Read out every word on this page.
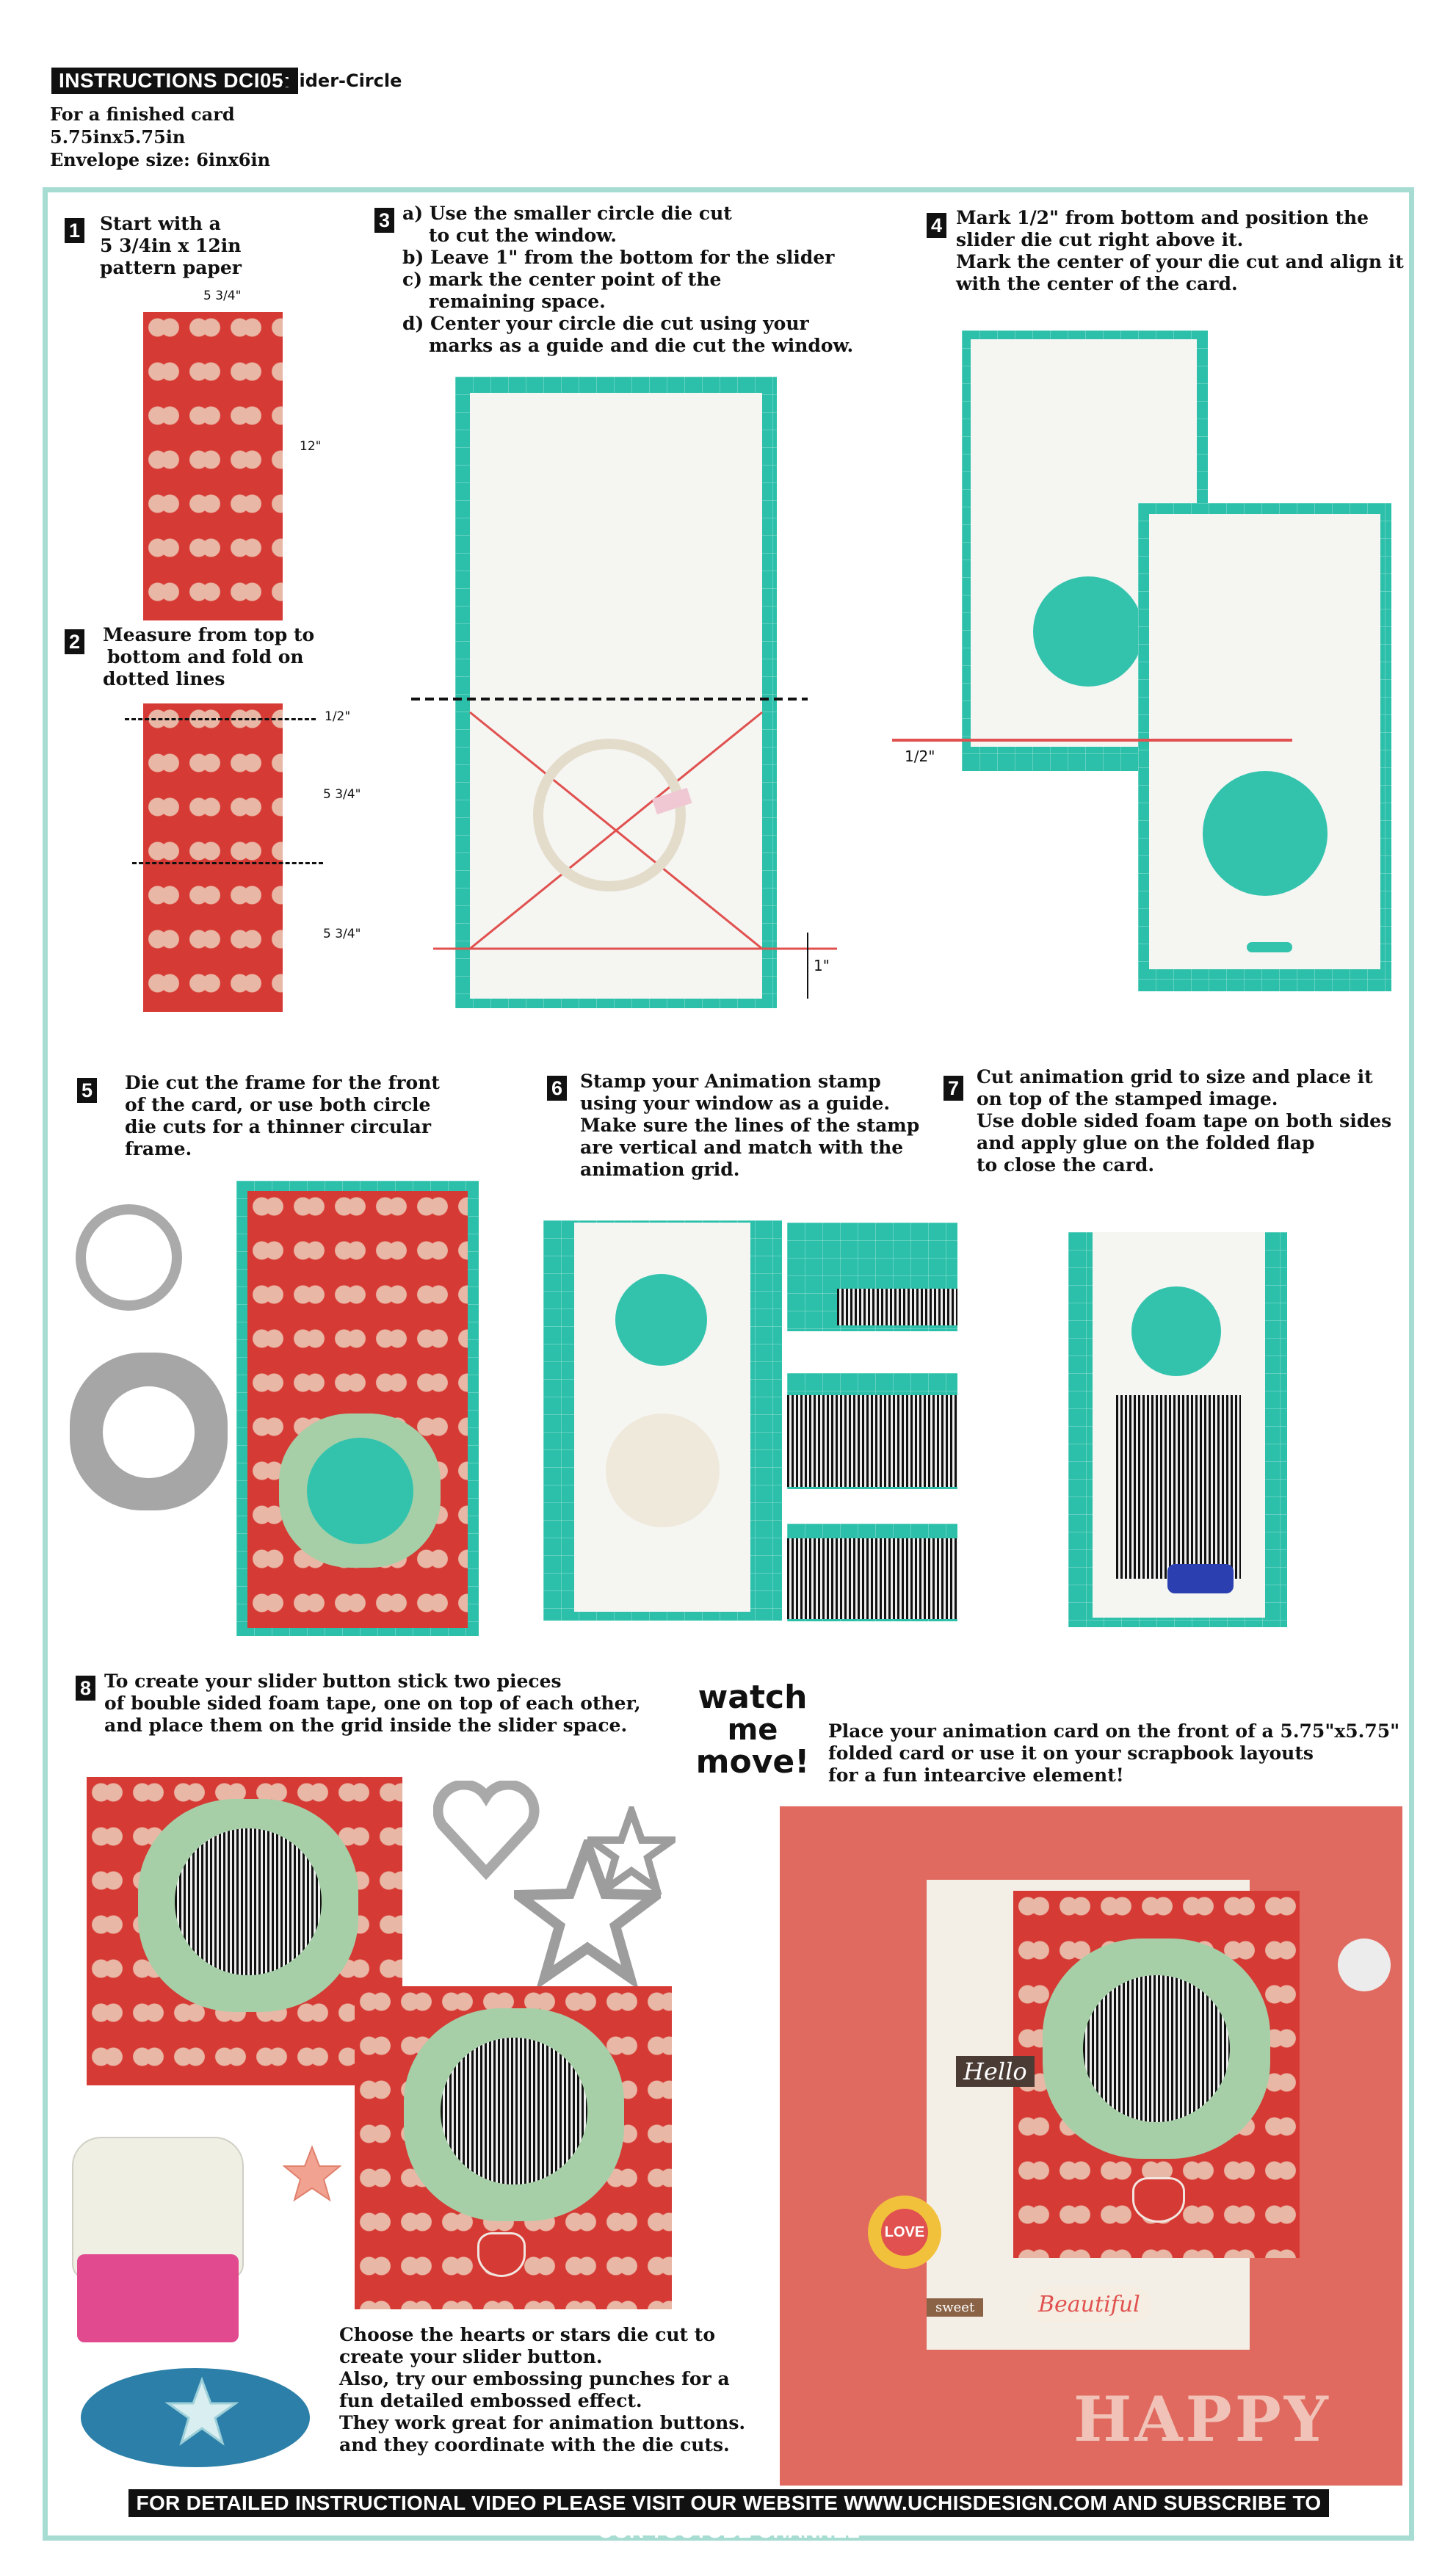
INSTRUCTIONS DCI05:
Slider-Circle
For a finished card
5.75inx5.75in
Envelope size: 6inx6in
1 Start with a
5 3/4in x 12in
pattern paper
5 3/4"
12"
2 Measure from top to
bottom and fold on
dotted lines
1/2"
5 3/4"
5 3/4"
3 a) Use the smaller circle die cut
to cut the window.
b) Leave 1" from the bottom for the slider
c) mark the center point of the
remaining space.
d) Center your circle die cut using your
marks as a guide and die cut the window.
1"
4 Mark 1/2" from bottom and position the
slider die cut right above it.
Mark the center of your die cut and align it
with the center of the card.
1/2"
5 Die cut the frame for the front
of the card, or use both circle
die cuts for a thinner circular
frame.
6 Stamp your Animation stamp
using your window as a guide.
Make sure the lines of the stamp
are vertical and match with the
animation grid.
7
Cut animation grid to size and place it
on top of the stamped image.
Use doble sided foam tape on both sides
and apply glue on the folded flap
to close the card.
8 To create your slider button stick two pieces
of bouble sided foam tape, one on top of each other,
and place them on the grid inside the slider space.
Choose the hearts or stars die cut to
create your slider button.
Also, try our embossing punches for a
fun detailed embossed effect.
They work great for animation buttons.
and they coordinate with the die cuts.
watch
me
move!
Place your animation card on the front of a 5.75"x5.75"
folded card or use it on your scrapbook layouts
for a fun intearcive element!
LOVE
Hello
Beautiful
sweet
HAPPY
FOR DETAILED INSTRUCTIONAL VIDEO PLEASE VISIT OUR WEBSITE WWW.UCHISDESIGN.COM AND SUBSCRIBE TO OUR YOUTUBE CHANNEL
